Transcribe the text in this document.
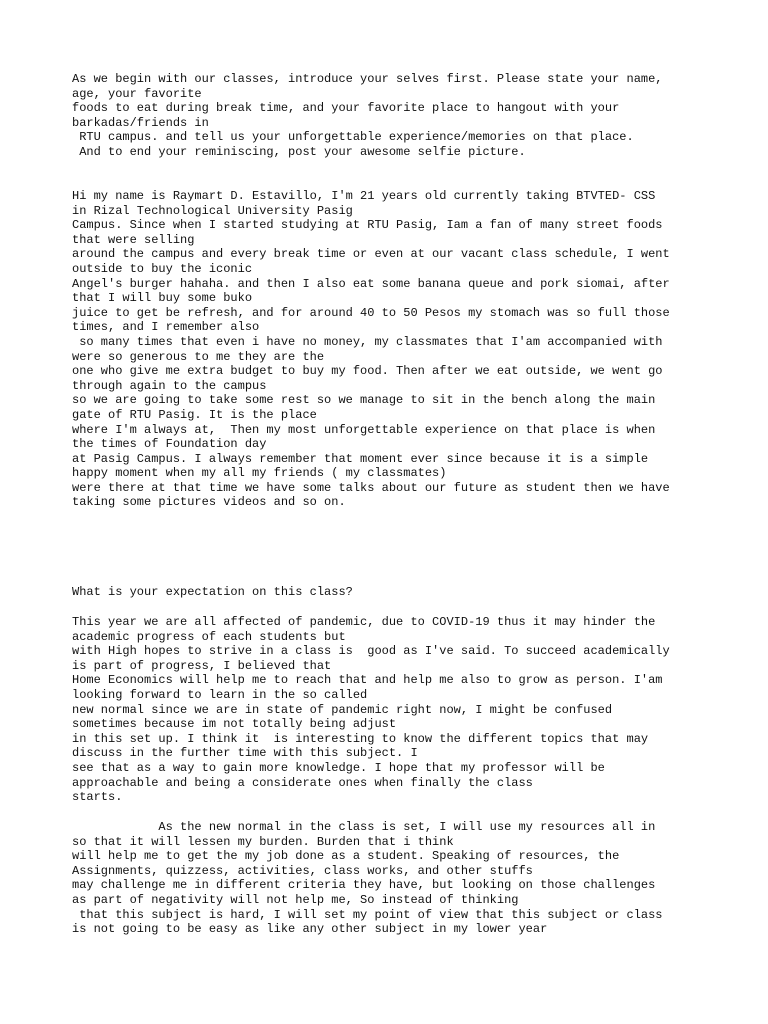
As we begin with our classes, introduce your selves first. Please state your name,
age, your favorite
foods to eat during break time, and your favorite place to hangout with your
barkadas/friends in
RTU campus. and tell us your unforgettable experience/memories on that place.
And to end your reminiscing, post your awesome selfie picture.
Hi my name is Raymart D. Estavillo, I'm 21 years old currently taking BTVTED- CSS
in Rizal Technological University Pasig
Campus. Since when I started studying at RTU Pasig, Iam a fan of many street foods
that were selling
around the campus and every break time or even at our vacant class schedule, I went
outside to buy the iconic
Angel's burger hahaha. and then I also eat some banana queue and pork siomai, after
that I will buy some buko
juice to get be refresh, and for around 40 to 50 Pesos my stomach was so full those
times, and I remember also
so many times that even i have no money, my classmates that I'am accompanied with
were so generous to me they are the
one who give me extra budget to buy my food. Then after we eat outside, we went go
through again to the campus
so we are going to take some rest so we manage to sit in the bench along the main
gate of RTU Pasig. It is the place
where I'm always at,  Then my most unforgettable experience on that place is when
the times of Foundation day
at Pasig Campus. I always remember that moment ever since because it is a simple
happy moment when my all my friends ( my classmates)
were there at that time we have some talks about our future as student then we have
taking some pictures videos and so on.
What is your expectation on this class?
This year we are all affected of pandemic, due to COVID-19 thus it may hinder the
academic progress of each students but
with High hopes to strive in a class is  good as I've said. To succeed academically
is part of progress, I believed that
Home Economics will help me to reach that and help me also to grow as person. I'am
looking forward to learn in the so called
new normal since we are in state of pandemic right now, I might be confused
sometimes because im not totally being adjust
in this set up. I think it  is interesting to know the different topics that may
discuss in the further time with this subject. I
see that as a way to gain more knowledge. I hope that my professor will be
approachable and being a considerate ones when finally the class
starts.
As the new normal in the class is set, I will use my resources all in
so that it will lessen my burden. Burden that i think
will help me to get the my job done as a student. Speaking of resources, the
Assignments, quizzess, activities, class works, and other stuffs
may challenge me in different criteria they have, but looking on those challenges
as part of negativity will not help me, So instead of thinking
that this subject is hard, I will set my point of view that this subject or class
is not going to be easy as like any other subject in my lower year
